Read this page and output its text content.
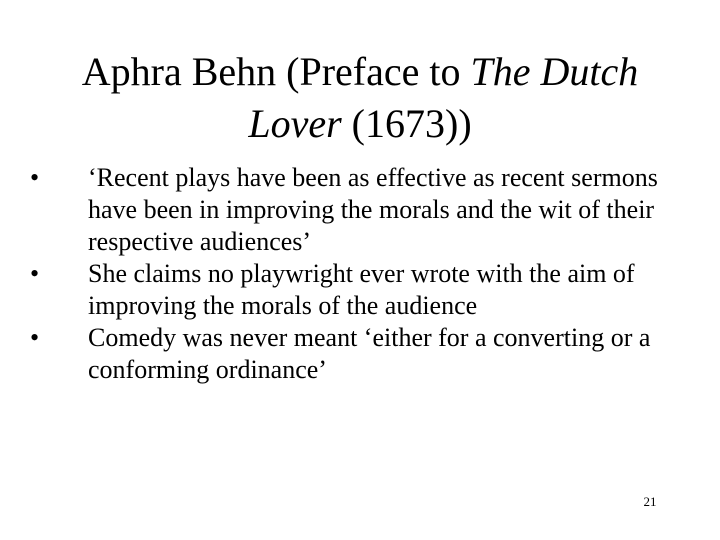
Aphra Behn (Preface to The Dutch Lover (1673))
•	‘Recent plays have been as effective as recent sermons have been in improving the morals and the wit of their respective audiences’
•	She claims no playwright ever wrote with the aim of improving the morals of the audience
•	Comedy was never meant ‘either for a converting or a conforming ordinance’
21
